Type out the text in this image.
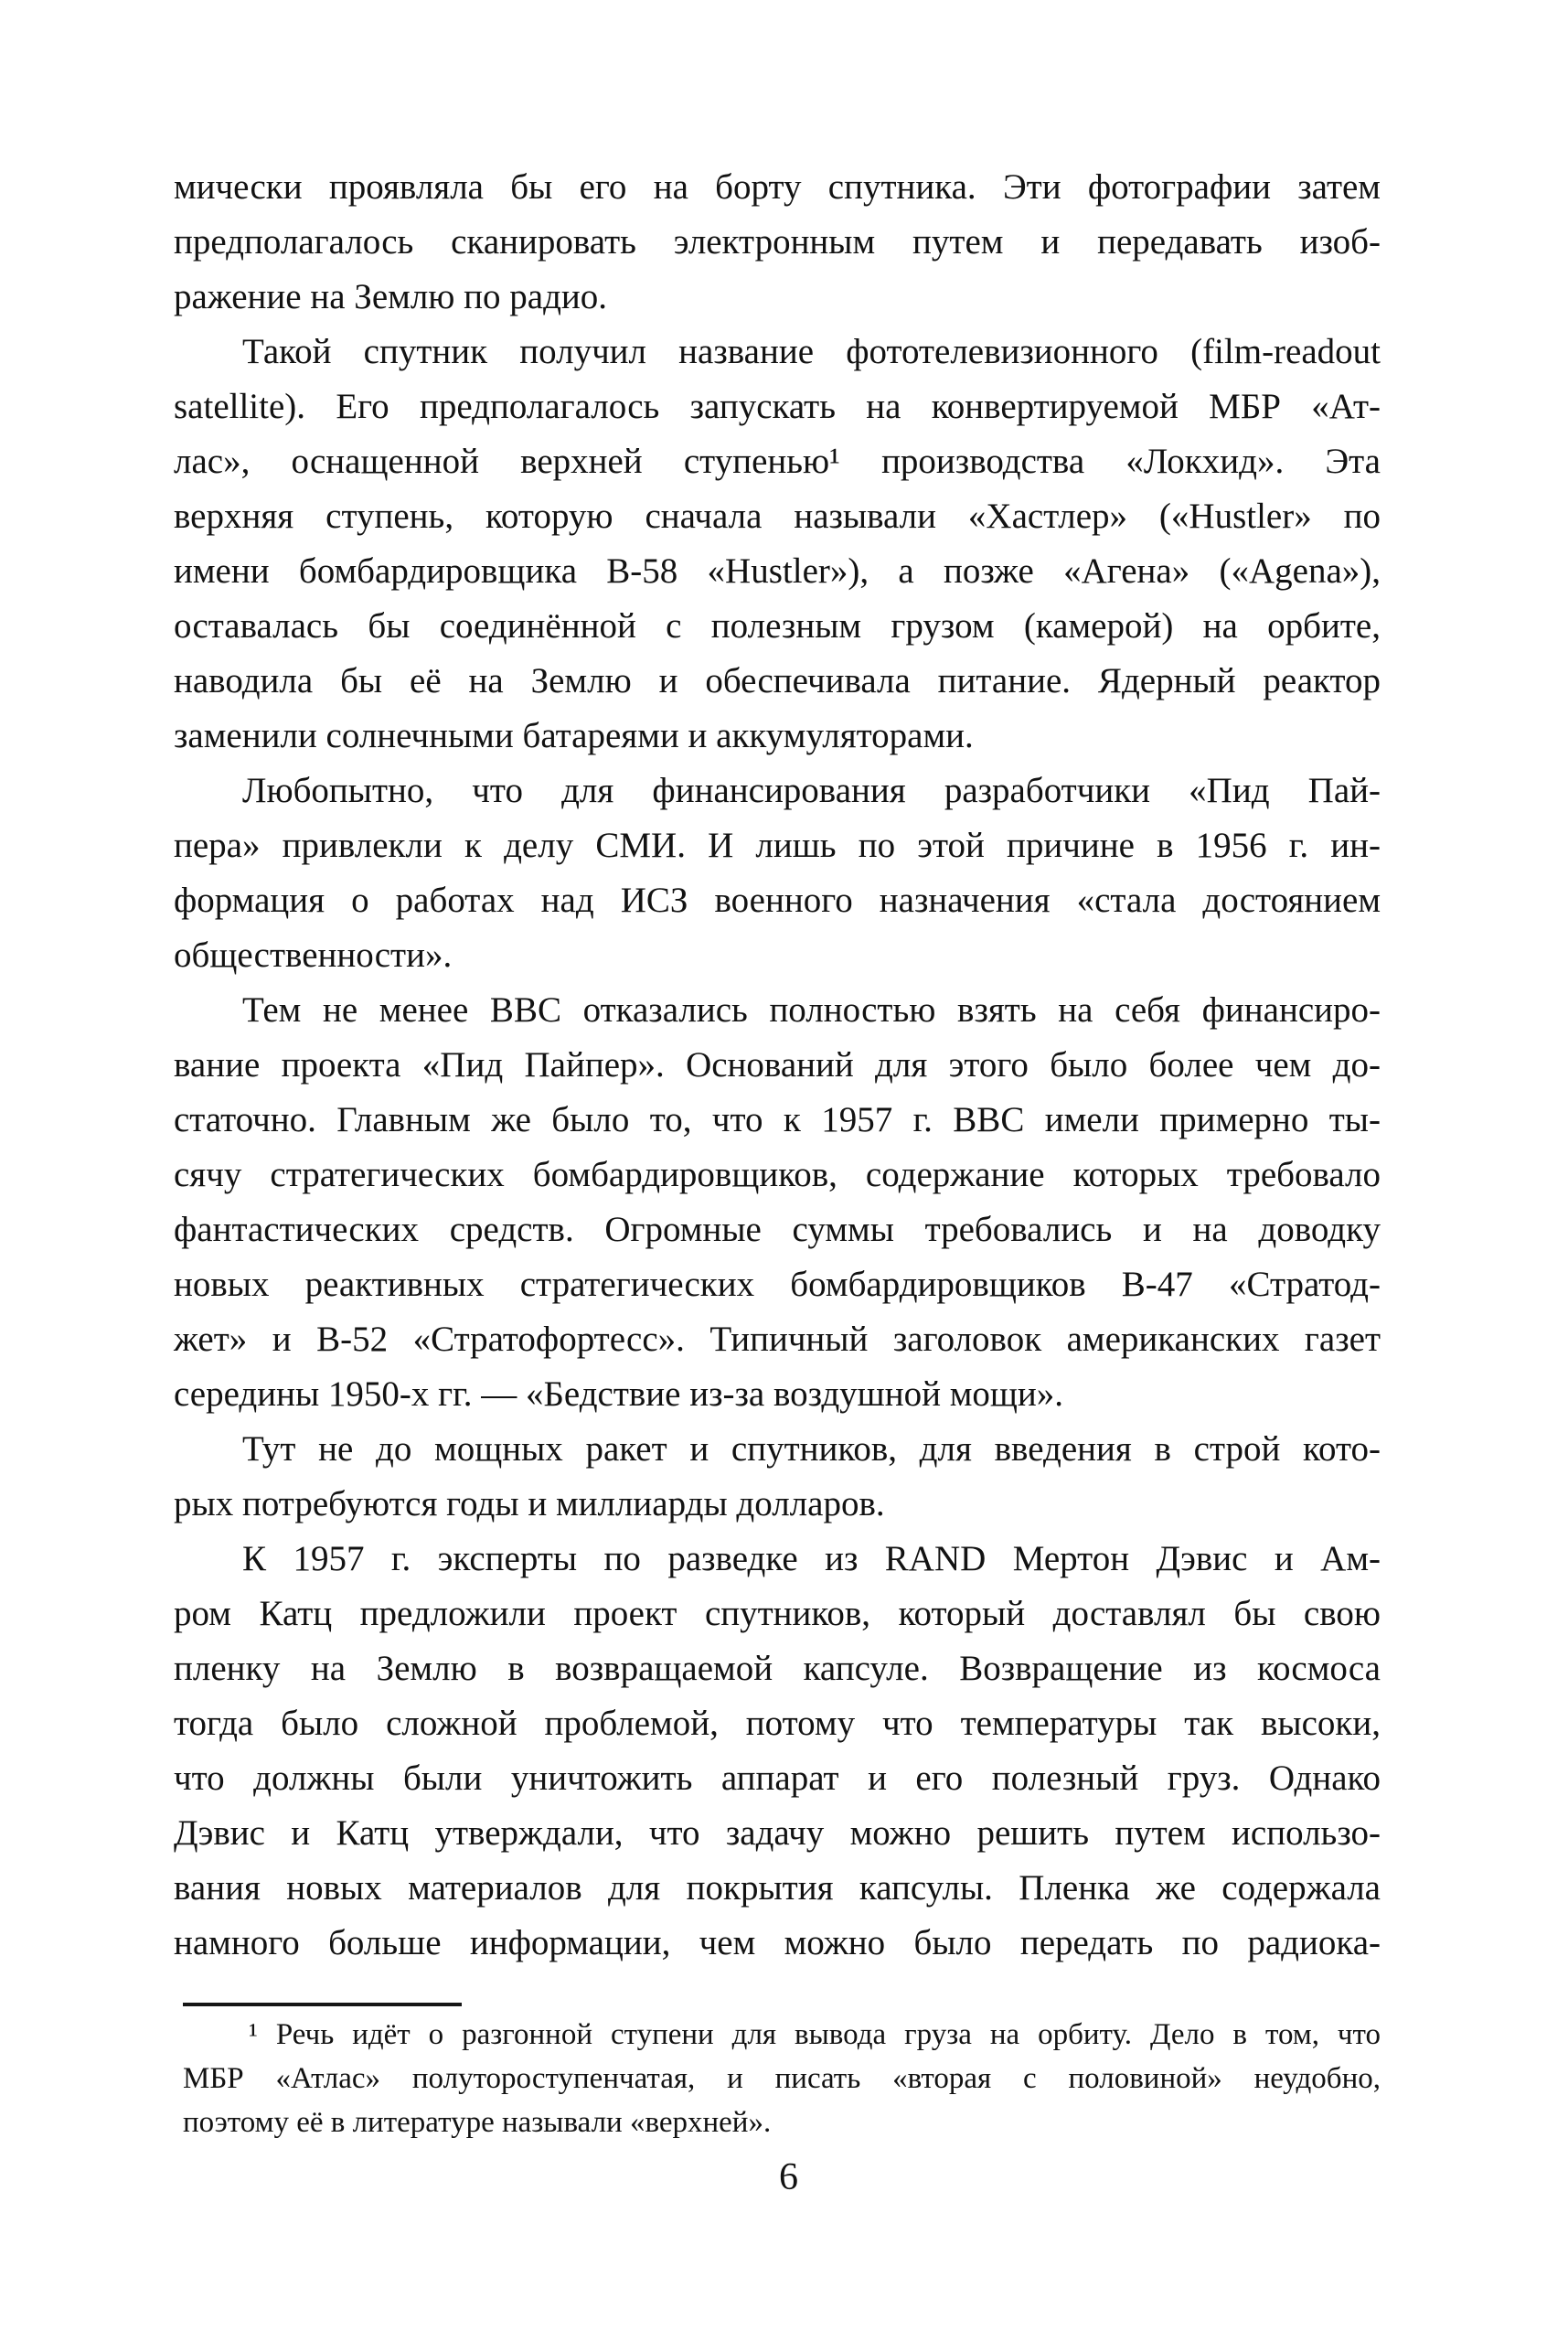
мически проявляла бы его на борту спутника. Эти фотографии затем
предполагалось сканировать электронным путем и передавать изоб-
ражение на Землю по радио.
Такой спутник получил название фототелевизионного (film-readout
satellite). Его предполагалось запускать на конвертируемой МБР «Ат-
лас», оснащенной верхней ступенью¹ производства «Локхид». Эта
верхняя ступень, которую сначала называли «Хастлер» («Hustler» по
имени бомбардировщика В-58 «Hustler»), а позже «Агена» («Agena»),
оставалась бы соединённой с полезным грузом (камерой) на орбите,
наводила бы её на Землю и обеспечивала питание. Ядерный реактор
заменили солнечными батареями и аккумуляторами.
Любопытно, что для финансирования разработчики «Пид Пай-
пера» привлекли к делу СМИ. И лишь по этой причине в 1956 г. ин-
формация о работах над ИСЗ военного назначения «стала достоянием
общественности».
Тем не менее ВВС отказались полностью взять на себя финансиро-
вание проекта «Пид Пайпер». Оснований для этого было более чем до-
статочно. Главным же было то, что к 1957 г. ВВС имели примерно ты-
сячу стратегических бомбардировщиков, содержание которых требовало
фантастических средств. Огромные суммы требовались и на доводку
новых реактивных стратегических бомбардировщиков В-47 «Стратод-
жет» и В-52 «Стратофортесс». Типичный заголовок американских газет
середины 1950-х гг. — «Бедствие из-за воздушной мощи».
Тут не до мощных ракет и спутников, для введения в строй кото-
рых потребуются годы и миллиарды долларов.
К 1957 г. эксперты по разведке из RAND Мертон Дэвис и Ам-
ром Катц предложили проект спутников, который доставлял бы свою
пленку на Землю в возвращаемой капсуле. Возвращение из космоса
тогда было сложной проблемой, потому что температуры так высоки,
что должны были уничтожить аппарат и его полезный груз. Однако
Дэвис и Катц утверждали, что задачу можно решить путем использо-
вания новых материалов для покрытия капсулы. Пленка же содержала
намного больше информации, чем можно было передать по радиока-
¹ Речь идёт о разгонной ступени для вывода груза на орбиту. Дело в том, что
МБР «Атлас» полутороступенчатая, и писать «вторая с половиной» неудобно,
поэтому её в литературе называли «верхней».
6
